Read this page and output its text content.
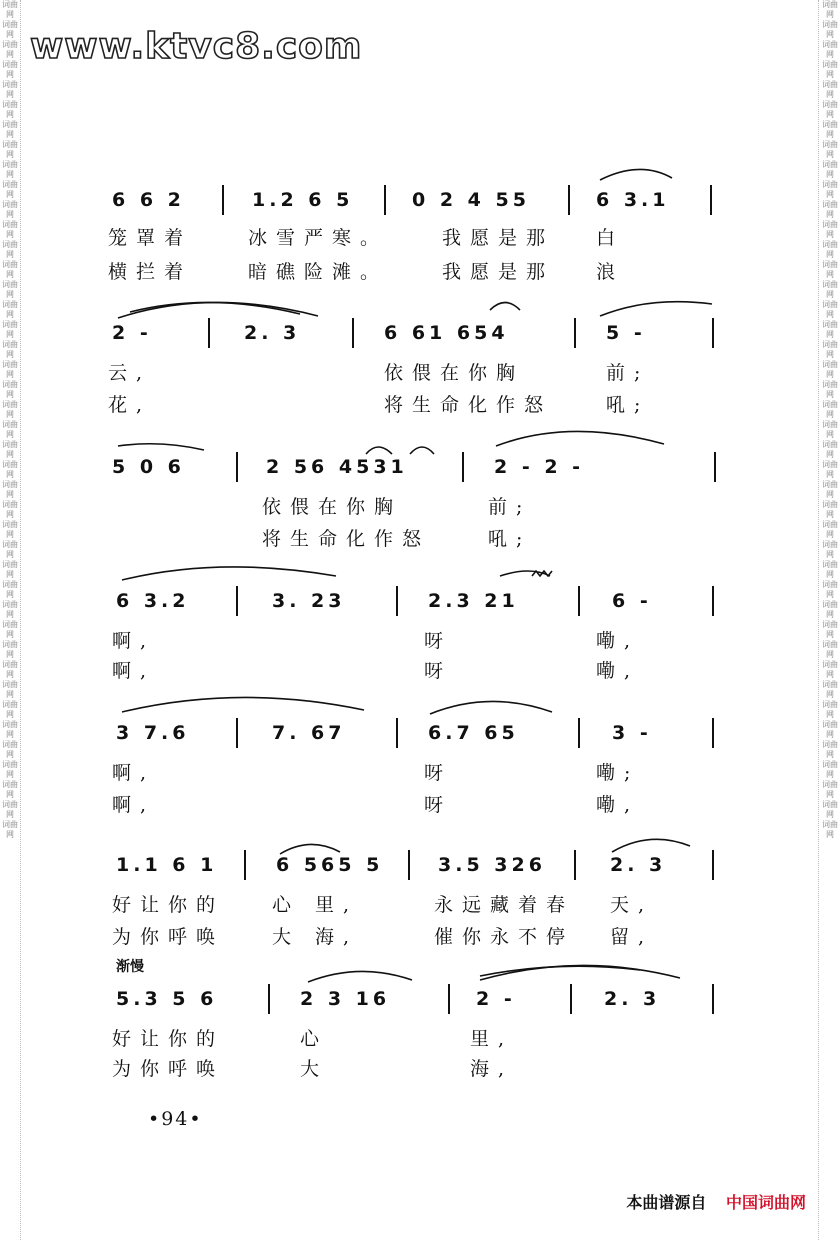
词曲网 词曲网 词曲网 词曲网 词曲网 词曲网 词曲网 词曲网 词曲网 词曲网 词曲网 词曲网 词曲网 词曲网 词曲网 词曲网 词曲网 词曲网 词曲网 词曲网 词曲网 词曲网 词曲网 词曲网 词曲网 词曲网 词曲网 词曲网 词曲网 词曲网 词曲网 词曲网 词曲网 词曲网 词曲网 词曲网 词曲网 词曲网 词曲网 词曲网 词曲网 词曲网
词曲网 词曲网 词曲网 词曲网 词曲网 词曲网 词曲网 词曲网 词曲网 词曲网 词曲网 词曲网 词曲网 词曲网 词曲网 词曲网 词曲网 词曲网 词曲网 词曲网 词曲网 词曲网 词曲网 词曲网 词曲网 词曲网 词曲网 词曲网 词曲网 词曲网 词曲网 词曲网 词曲网 词曲网 词曲网 词曲网 词曲网 词曲网 词曲网 词曲网 词曲网 词曲网
www.ktvc8.com
6 6 2	1.2 6 5	0 2 4 55	6 3.1
笼罩着	冰雪严寒。	我愿是那 白
横拦着	暗礁险滩。	我愿是那 浪
2 -	2. 3	6 61 654	5 -
云,	依偎在你胸	前;
花,	将生命化作怒	吼;
5 0 6	2 56 4531	2 - 2 -
依偎在你胸	前;
将生命化作怒	吼;
6 3.2	3. 23	2.3 21	6 -
啊,	呀	嘞,
啊,	呀	嘞,
3 7.6	7. 67	6.7 65	3 -
啊,	呀	嘞;
啊,	呀	嘞,
1.1 6 1	6 565 5	3.5 326	2. 3
好让你的	心 里,	永远藏着春 天,
为你呼唤	大 海,	催你永不停 留,
渐慢
5.3 5 6	2 3 16	2 -	2. 3
好让你的	心	里,
为你呼唤	大	海,
•94•
本曲谱源自 中国词曲网
